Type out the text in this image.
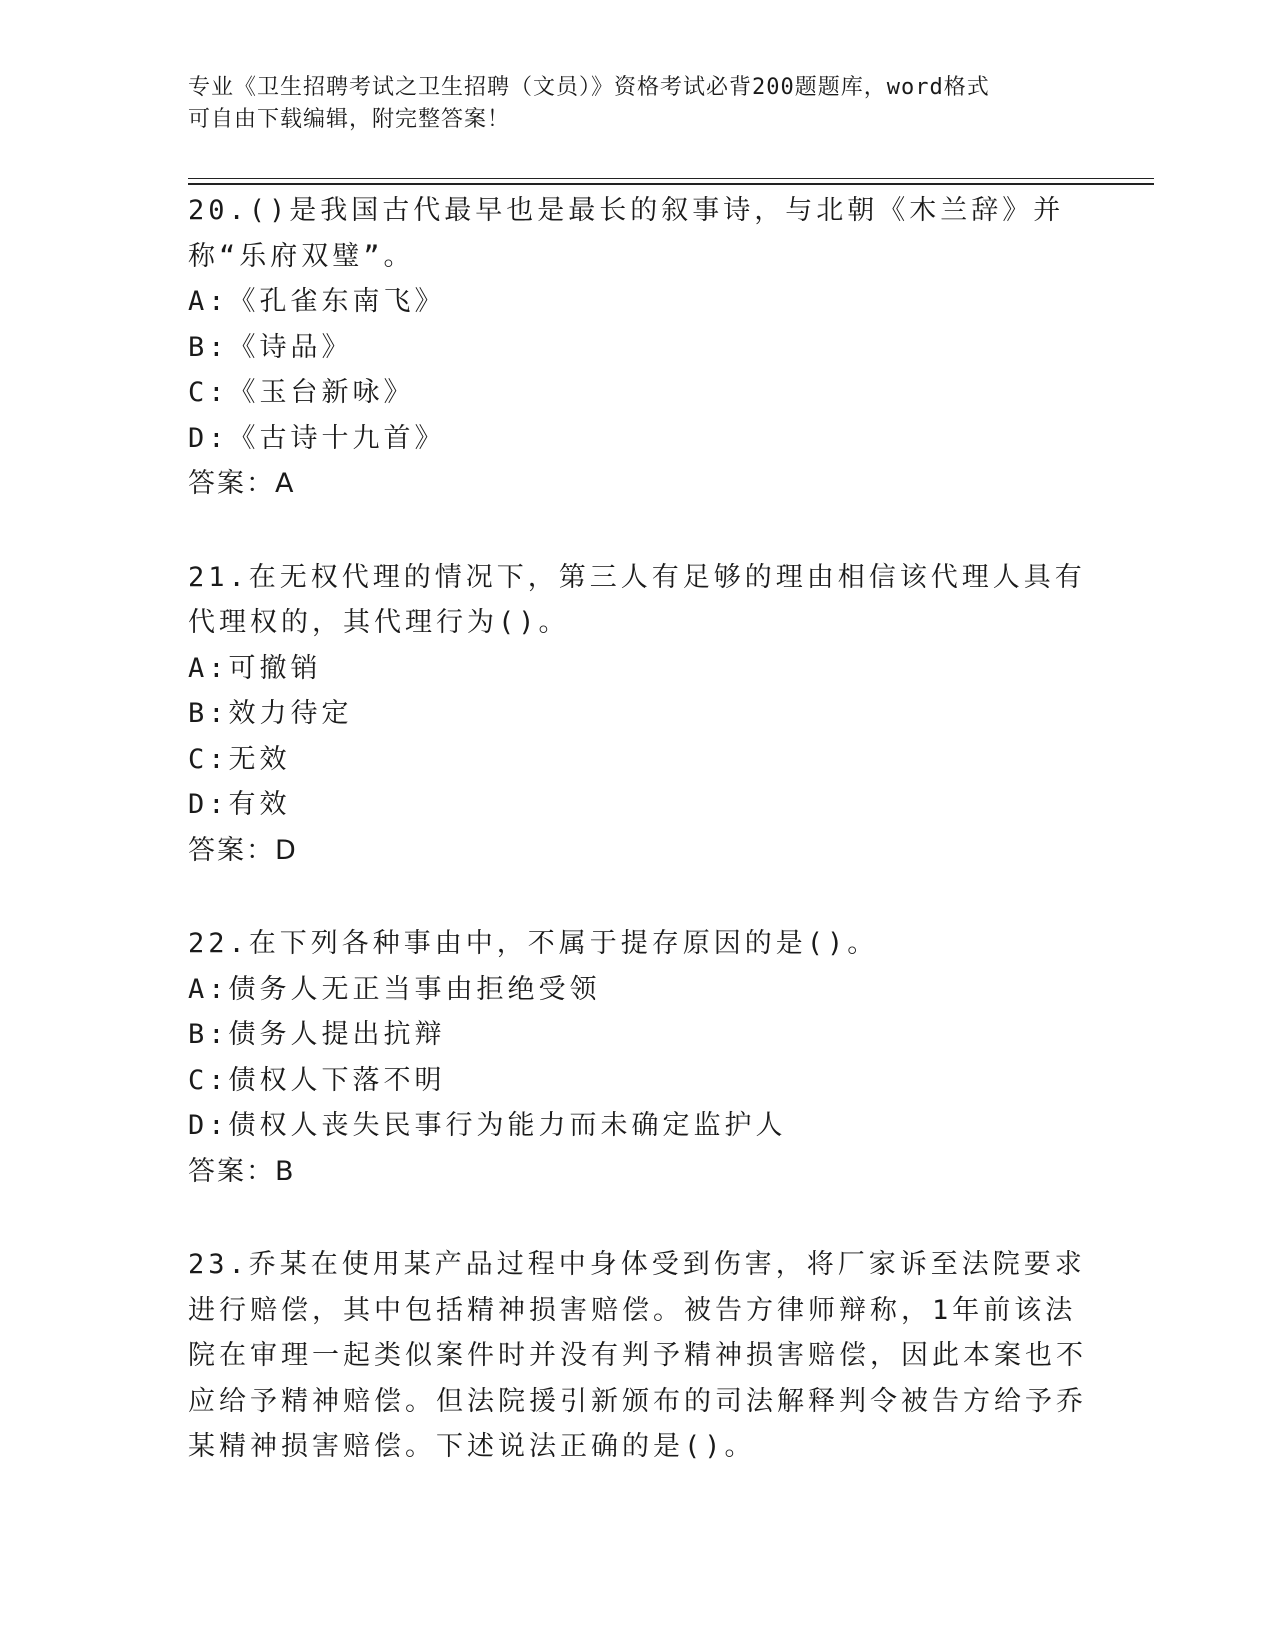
专业《卫生招聘考试之卫生招聘（文员）》资格考试必背200题题库，word格式
可自由下载编辑，附完整答案！
20.()是我国古代最早也是最长的叙事诗，与北朝《木兰辞》并称“乐府双璧”。
A:《孔雀东南飞》
B:《诗品》
C:《玉台新咏》
D:《古诗十九首》
答案：A
21.在无权代理的情况下，第三人有足够的理由相信该代理人具有代理权的，其代理行为()。
A:可撤销
B:效力待定
C:无效
D:有效
答案：D
22.在下列各种事由中，不属于提存原因的是()。
A:债务人无正当事由拒绝受领
B:债务人提出抗辩
C:债权人下落不明
D:债权人丧失民事行为能力而未确定监护人
答案：B
23.乔某在使用某产品过程中身体受到伤害，将厂家诉至法院要求进行赔偿，其中包括精神损害赔偿。被告方律师辩称，1年前该法院在审理一起类似案件时并没有判予精神损害赔偿，因此本案也不应给予精神赔偿。但法院援引新颁布的司法解释判令被告方给予乔某精神损害赔偿。下述说法正确的是()。
